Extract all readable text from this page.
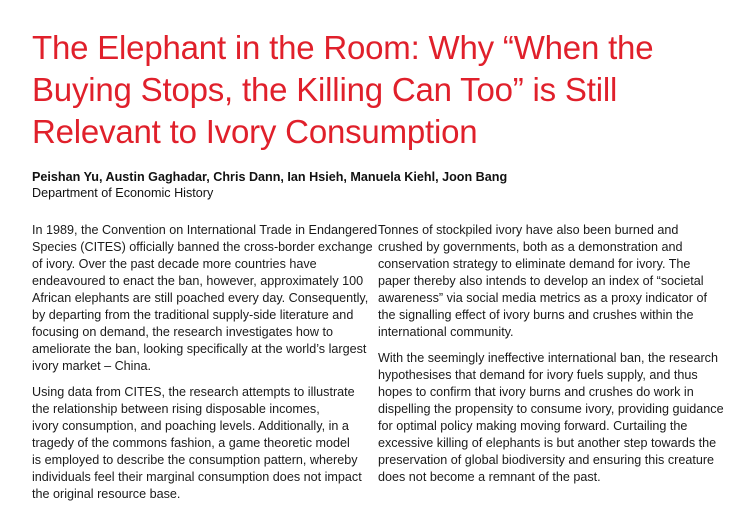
The Elephant in the Room: Why “When the
Buying Stops, the Killing Can Too” is Still
Relevant to Ivory Consumption

Peishan Yu, Austin Gaghadar, Chris Dann, Ian Hsieh, Manuela Kiehl, Joon Bang

Department of Economic History

In 1989, the Convention on International Trade in Endangered
Species (CITES) officially banned the cross-border exchange
of ivory. Over the past decade more countries have
endeavoured to enact the ban, however, approximately 100
African elephants are still poached every day. Consequently,
by departing from the traditional supply-side literature and
focusing on demand, the research investigates how to
ameliorate the ban, looking specifically at the world’s largest
ivory market – China.

Using data from CITES, the research attempts to illustrate
the relationship between rising disposable incomes,
ivory consumption, and poaching levels. Additionally, in a
tragedy of the commons fashion, a game theoretic model
is employed to describe the consumption pattern, whereby
individuals feel their marginal consumption does not impact
the original resource base.

Tonnes of stockpiled ivory have also been burned and
crushed by governments, both as a demonstration and
conservation strategy to eliminate demand for ivory. The
paper thereby also intends to develop an index of “societal
awareness” via social media metrics as a proxy indicator of
the signalling effect of ivory burns and crushes within the
international community.

With the seemingly ineffective international ban, the research
hypothesises that demand for ivory fuels supply, and thus
hopes to confirm that ivory burns and crushes do work in
dispelling the propensity to consume ivory, providing guidance
for optimal policy making moving forward. Curtailing the
excessive killing of elephants is but another step towards the
preservation of global biodiversity and ensuring this creature
does not become a remnant of the past.
